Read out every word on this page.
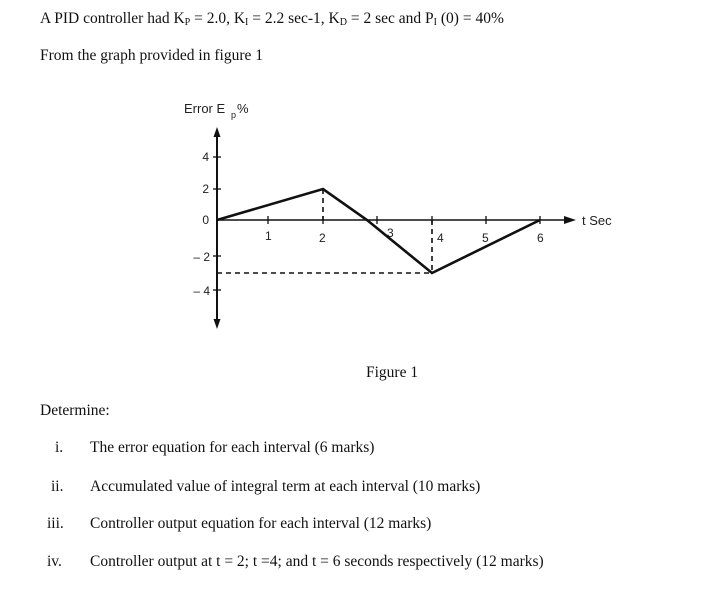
A PID controller had $K_P = 2.0$, $K_I = 2.2$ sec-1, $K_D = 2$ sec and $P_I$ (0) = 40%
From the graph provided in figure 1
Error E p %
t Sec
4
2
0
– 2
– 4
1	2	3	4	5	6
Figure 1
Determine:
i. The error equation for each interval (6 marks)
ii. Accumulated value of integral term at each interval (10 marks)
iii. Controller output equation for each interval (12 marks)
iv. Controller output at t = 2; t =4; and t = 6 seconds respectively (12 marks)
